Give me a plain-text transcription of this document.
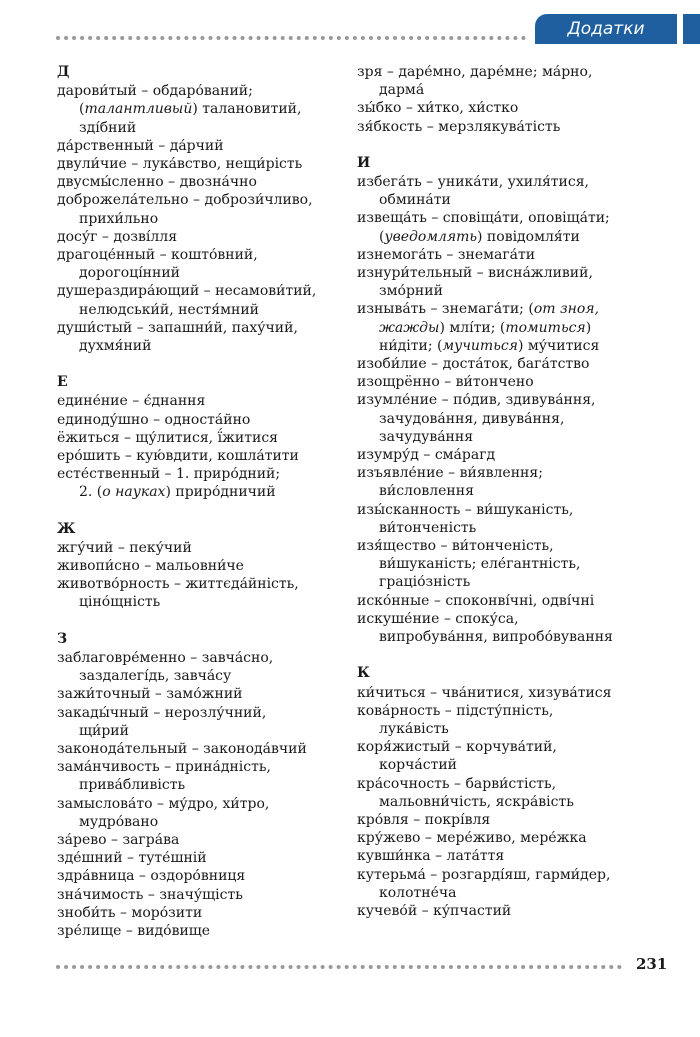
Додатки
Д
дарови́тый – обдаро́ваний;
(талантливый) талановитий,
зді́бний
да́рственный – да́рчий
двули́чие – лука́вство, нещи́рість
двусмы́сленно – двозна́чно
доброжела́тельно – добрози́чливо,
прихи́льно
досу́г – дозві́лля
драгоце́нный – кошто́вний,
дорогоці́нний
душераздира́ющий – несамови́тий,
нелюдськи́й, нестя́мний
души́стый – запашни́й, паху́чий,
духмя́ний
Е
едине́ние – є́днання
единоду́шно – односта́йно
ёжиться – щу́литися, ї́житися
еро́шить – кую́вдити, кошла́тити
есте́ственный – 1. приро́дний;
2. (о науках) приро́дничий
Ж
жгу́чий – пеку́чий
живопи́сно – мальовни́че
животво́рность – життєда́йність,
ціно́щність
З
заблаговре́менно – завча́сно,
заздалегі́дь, завча́су
зажи́точный – замо́жний
закады́чный – нерозлу́чний,
щи́рий
законода́тельный – законода́вчий
зама́нчивость – прина́дність,
прива́бливість
замыслова́то – му́дро, хи́тро,
мудро́вано
за́рево – загра́ва
зде́шний – туте́шній
здра́вница – оздоро́вниця
зна́чимость – значу́щість
зноби́ть – моро́зити
зре́лище – видо́вище
зря – даре́мно, даре́мне; ма́рно,
дарма́
зы́бко – хи́тко, хи́стко
зя́бкость – мерзлякува́тість
И
избега́ть – уника́ти, ухиля́тися,
обмина́ти
извеща́ть – сповіща́ти, оповіща́ти;
(уведомлять) повідомля́ти
изнемога́ть – знемага́ти
изнури́тельный – висна́жливий,
змо́рний
изныва́ть – знемага́ти; (от зноя,
жажды) млі́ти; (томиться)
ни́діти; (мучиться) му́читися
изоби́лие – доста́ток, бага́тство
изощрённо – ви́тончено
изумле́ние – по́див, здивува́ння,
зачудова́ння, дивува́ння,
зачудува́ння
изумру́д – сма́рагд
изъявле́ние – ви́явлення;
ви́словлення
изы́сканность – ви́шуканість,
ви́тонченість
изя́щество – ви́тонченість,
ви́шуканість; еле́гантність,
граціо́зність
иско́нные – споконві́чні, одві́чні
искуше́ние – споку́са,
випробува́ння, випробо́вування
К
ки́читься – чва́нитися, хизува́тися
кова́рность – підсту́пність,
лука́вість
коря́жистый – корчува́тий,
корча́стий
кра́сочность – барви́стість,
мальовни́чість, яскра́вість
кро́вля – покрі́вля
кру́жево – мере́живо, мере́жка
кувши́нка – лата́ття
кутерьма́ – розгарді́яш, гарми́дер,
колотне́ча
кучево́й – ку́пчастий
231
